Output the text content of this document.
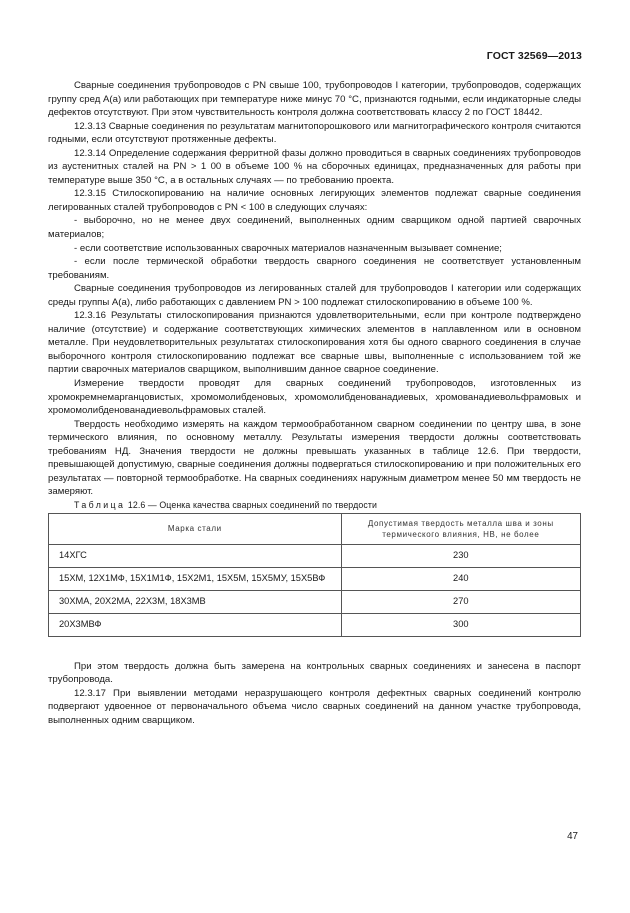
ГОСТ 32569—2013

Сварные соединения трубопроводов с PN свыше 100, трубопроводов I категории, трубопроводов, содержащих группу сред А(а) или работающих при температуре ниже минус 70 °С, признаются годными, если индикаторные следы дефектов отсутствуют. При этом чувствительность контроля должна соответствовать классу 2 по ГОСТ 18442.

12.3.13 Сварные соединения по результатам магнитопорошкового или магнитографического контроля считаются годными, если отсутствуют протяженные дефекты.

12.3.14 Определение содержания ферритной фазы должно проводиться в сварных соединениях трубопроводов из аустенитных сталей на PN > 1 00 в объеме 100 % на сборочных единицах, предназначенных для работы при температуре выше 350 °С, а в остальных случаях — по требованию проекта.

12.3.15 Стилоскопированию на наличие основных легирующих элементов подлежат сварные соединения легированных сталей трубопроводов с PN < 100 в следующих случаях:

- выборочно, но не менее двух соединений, выполненных одним сварщиком одной партией сварочных материалов;

- если соответствие использованных сварочных материалов назначенным вызывает сомнение;

- если после термической обработки твердость сварного соединения не соответствует установленным требованиям.

Сварные соединения трубопроводов из легированных сталей для трубопроводов I категории или содержащих среды группы А(а), либо работающих с давлением PN > 100 подлежат стилоскопированию в объеме 100 %.

12.3.16 Результаты стилоскопирования признаются удовлетворительными, если при контроле подтверждено наличие (отсутствие) и содержание соответствующих химических элементов в наплавленном или в основном металле. При неудовлетворительных результатах стилоскопирования хотя бы одного сварного соединения в случае выборочного контроля стилоскопированию подлежат все сварные швы, выполненные с использованием той же партии сварочных материалов сварщиком, выполнившим данное сварное соединение.

Измерение твердости проводят для сварных соединений трубопроводов, изготовленных из хромокремнемарганцовистых, хромомолибденовых, хромомолибденованадиевых, хромованадиевольфрамовых и хромомолибденованадиевольфрамовых сталей.

Твердость необходимо измерять на каждом термообработанном сварном соединении по центру шва, в зоне термического влияния, по основному металлу. Результаты измерения твердости должны соответствовать требованиям НД. Значения твердости не должны превышать указанных в таблице 12.6. При твердости, превышающей допустимую, сварные соединения должны подвергаться стилоскопированию и при положительных его результатах — повторной термообработке. На сварных соединениях наружным диаметром менее 50 мм твердость не замеряют.

Таблица 12.6 — Оценка качества сварных соединений по твердости

Марка стали	Допустимая твердость металла шва и зоны термического влияния, НВ, не более
14ХГС	230
15ХМ, 12Х1МФ, 15Х1М1Ф, 15Х2М1, 15Х5М, 15Х5МУ, 15Х5ВФ	240
30ХМА, 20Х2МА, 22Х3М, 18Х3МВ	270
20Х3МВФ	300

При этом твердость должна быть замерена на контрольных сварных соединениях и занесена в паспорт трубопровода.

12.3.17 При выявлении методами неразрушающего контроля дефектных сварных соединений контролю подвергают удвоенное от первоначального объема число сварных соединений на данном участке трубопровода, выполненных одним сварщиком.

47
